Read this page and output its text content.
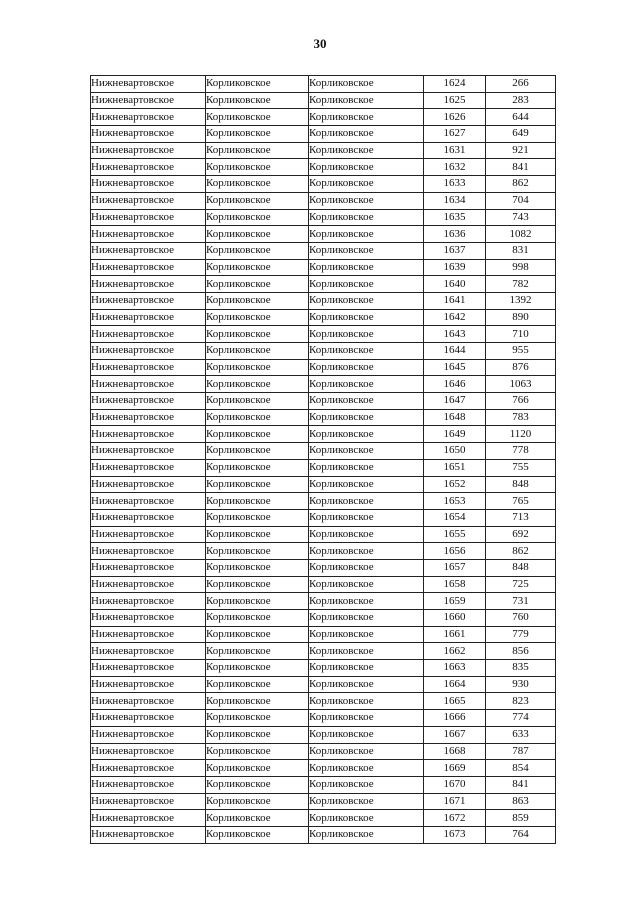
30
Нижневартовское	Корликовское	Корликовское	1624	266
Нижневартовское	Корликовское	Корликовское	1625	283
Нижневартовское	Корликовское	Корликовское	1626	644
Нижневартовское	Корликовское	Корликовское	1627	649
Нижневартовское	Корликовское	Корликовское	1631	921
Нижневартовское	Корликовское	Корликовское	1632	841
Нижневартовское	Корликовское	Корликовское	1633	862
Нижневартовское	Корликовское	Корликовское	1634	704
Нижневартовское	Корликовское	Корликовское	1635	743
Нижневартовское	Корликовское	Корликовское	1636	1082
Нижневартовское	Корликовское	Корликовское	1637	831
Нижневартовское	Корликовское	Корликовское	1639	998
Нижневартовское	Корликовское	Корликовское	1640	782
Нижневартовское	Корликовское	Корликовское	1641	1392
Нижневартовское	Корликовское	Корликовское	1642	890
Нижневартовское	Корликовское	Корликовское	1643	710
Нижневартовское	Корликовское	Корликовское	1644	955
Нижневартовское	Корликовское	Корликовское	1645	876
Нижневартовское	Корликовское	Корликовское	1646	1063
Нижневартовское	Корликовское	Корликовское	1647	766
Нижневартовское	Корликовское	Корликовское	1648	783
Нижневартовское	Корликовское	Корликовское	1649	1120
Нижневартовское	Корликовское	Корликовское	1650	778
Нижневартовское	Корликовское	Корликовское	1651	755
Нижневартовское	Корликовское	Корликовское	1652	848
Нижневартовское	Корликовское	Корликовское	1653	765
Нижневартовское	Корликовское	Корликовское	1654	713
Нижневартовское	Корликовское	Корликовское	1655	692
Нижневартовское	Корликовское	Корликовское	1656	862
Нижневартовское	Корликовское	Корликовское	1657	848
Нижневартовское	Корликовское	Корликовское	1658	725
Нижневартовское	Корликовское	Корликовское	1659	731
Нижневартовское	Корликовское	Корликовское	1660	760
Нижневартовское	Корликовское	Корликовское	1661	779
Нижневартовское	Корликовское	Корликовское	1662	856
Нижневартовское	Корликовское	Корликовское	1663	835
Нижневартовское	Корликовское	Корликовское	1664	930
Нижневартовское	Корликовское	Корликовское	1665	823
Нижневартовское	Корликовское	Корликовское	1666	774
Нижневартовское	Корликовское	Корликовское	1667	633
Нижневартовское	Корликовское	Корликовское	1668	787
Нижневартовское	Корликовское	Корликовское	1669	854
Нижневартовское	Корликовское	Корликовское	1670	841
Нижневартовское	Корликовское	Корликовское	1671	863
Нижневартовское	Корликовское	Корликовское	1672	859
Нижневартовское	Корликовское	Корликовское	1673	764
